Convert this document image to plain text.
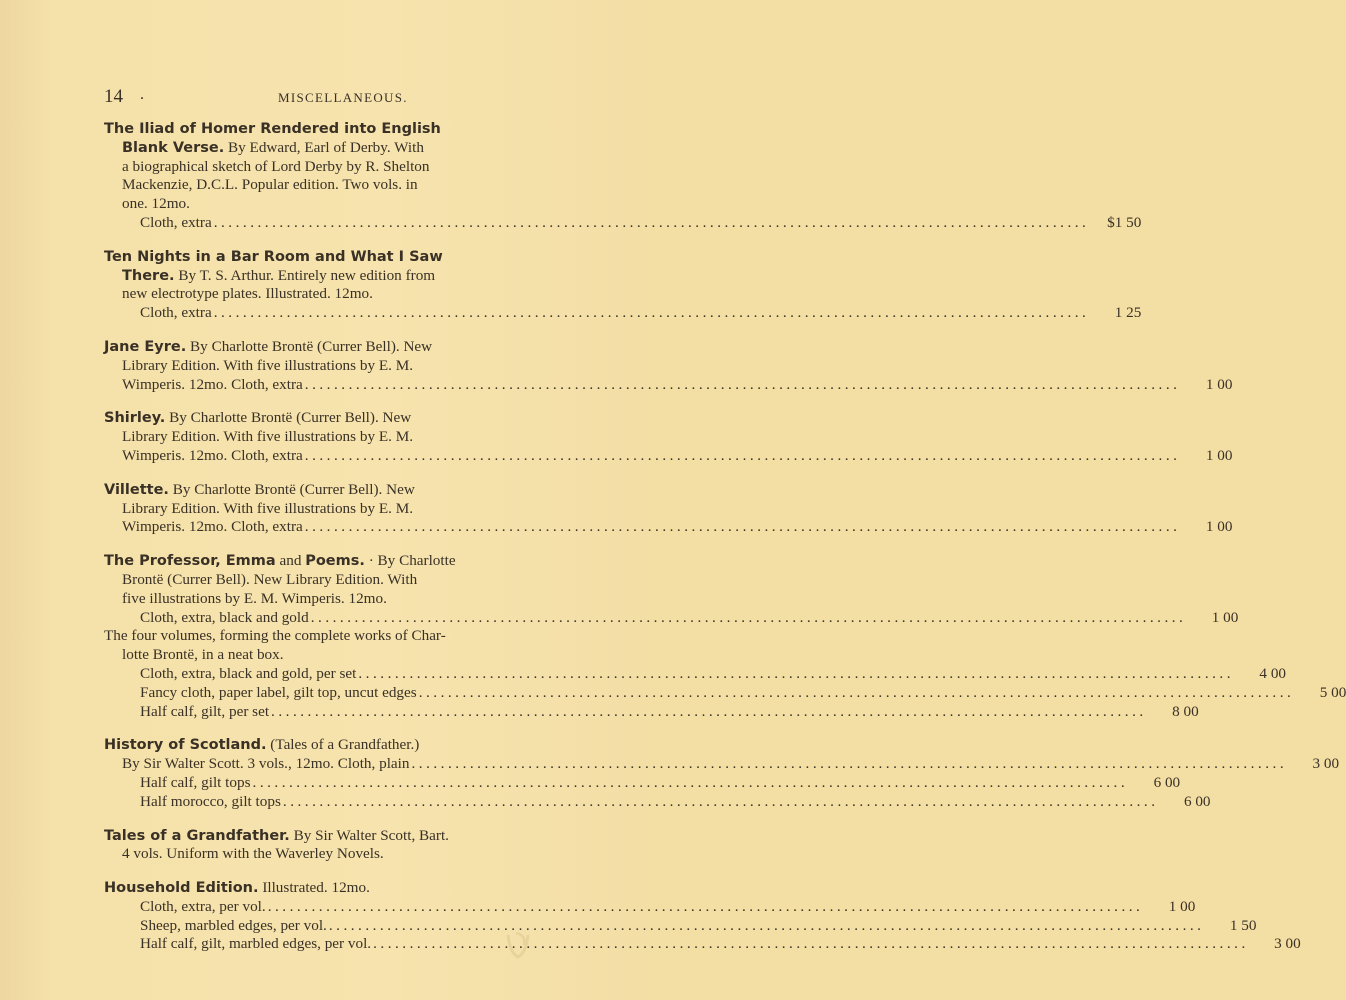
14 .	MISCELLANEOUS.
The Iliad of Homer Rendered into English
Blank Verse. By Edward, Earl of Derby. With
a biographical sketch of Lord Derby by R. Shelton
Mackenzie, D.C.L. Popular edition. Two vols. in
one. 12mo.
Cloth, extra ........................................................................................................................	$1 50
Ten Nights in a Bar Room and What I Saw
There. By T. S. Arthur. Entirely new edition from
new electrotype plates. Illustrated. 12mo.
Cloth, extra ........................................................................................................................	1 25
Jane Eyre. By Charlotte Brontë (Currer Bell). New
Library Edition. With five illustrations by E. M.
Wimperis. 12mo. Cloth, extra ........................................................................................................................	1 00
Shirley. By Charlotte Brontë (Currer Bell). New
Library Edition. With five illustrations by E. M.
Wimperis. 12mo. Cloth, extra ........................................................................................................................	1 00
Villette. By Charlotte Brontë (Currer Bell). New
Library Edition. With five illustrations by E. M.
Wimperis. 12mo. Cloth, extra ........................................................................................................................	1 00
The Professor, Emma and Poems. · By Charlotte
Brontë (Currer Bell). New Library Edition. With
five illustrations by E. M. Wimperis. 12mo.
Cloth, extra, black and gold ........................................................................................................................	1 00
The four volumes, forming the complete works of Char-
lotte Brontë, in a neat box.
Cloth, extra, black and gold, per set ........................................................................................................................	4 00
Fancy cloth, paper label, gilt top, uncut edges ........................................................................................................................	5 00
Half calf, gilt, per set ........................................................................................................................	8 00
History of Scotland. (Tales of a Grandfather.)
By Sir Walter Scott. 3 vols., 12mo. Cloth, plain ........................................................................................................................	3 00
Half calf, gilt tops ........................................................................................................................	6 00
Half morocco, gilt tops ........................................................................................................................	6 00
Tales of a Grandfather. By Sir Walter Scott, Bart.
4 vols. Uniform with the Waverley Novels.
Household Edition. Illustrated. 12mo.
Cloth, extra, per vol. ........................................................................................................................	1 00
Sheep, marbled edges, per vol. ........................................................................................................................	1 50
Half calf, gilt, marbled edges, per vol. ........................................................................................................................	3 00
